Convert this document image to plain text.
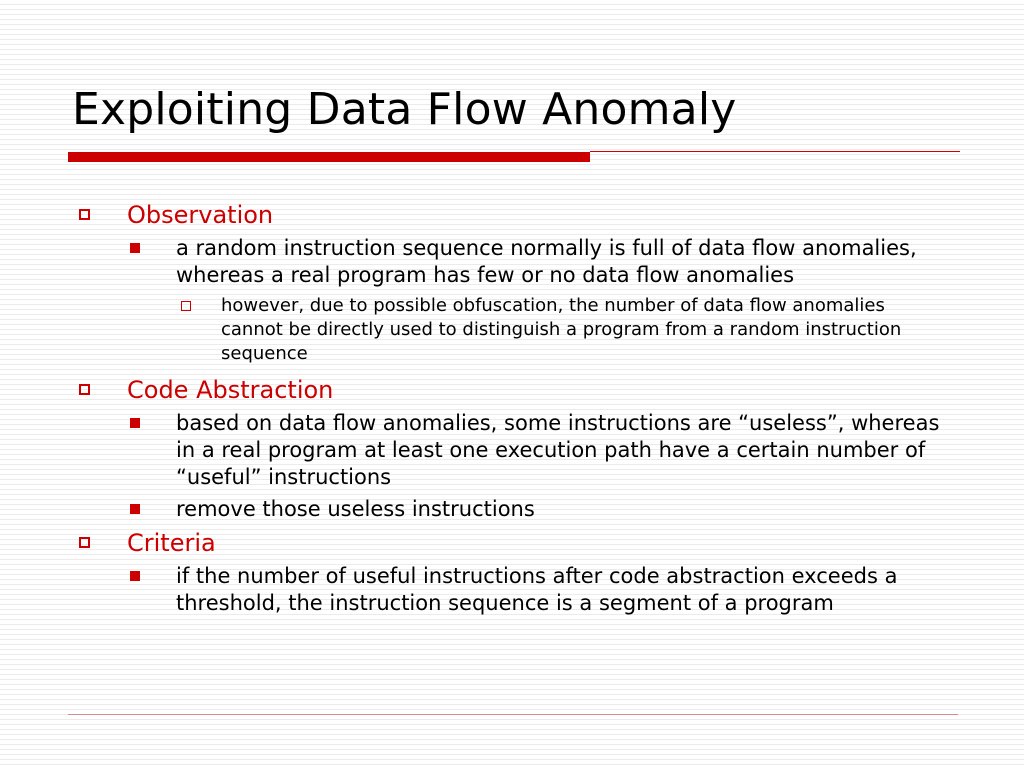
Exploiting Data Flow Anomaly
Observation
a random instruction sequence normally is full of data flow anomalies, whereas a real program has few or no data flow anomalies
however, due to possible obfuscation, the number of data flow anomalies cannot be directly used to distinguish a program from a random instruction sequence
Code Abstraction
based on data flow anomalies, some instructions are “useless”, whereas in a real program at least one execution path have a certain number of “useful” instructions
remove those useless instructions
Criteria
if the number of useful instructions after code abstraction exceeds a threshold, the instruction sequence is a segment of a program
